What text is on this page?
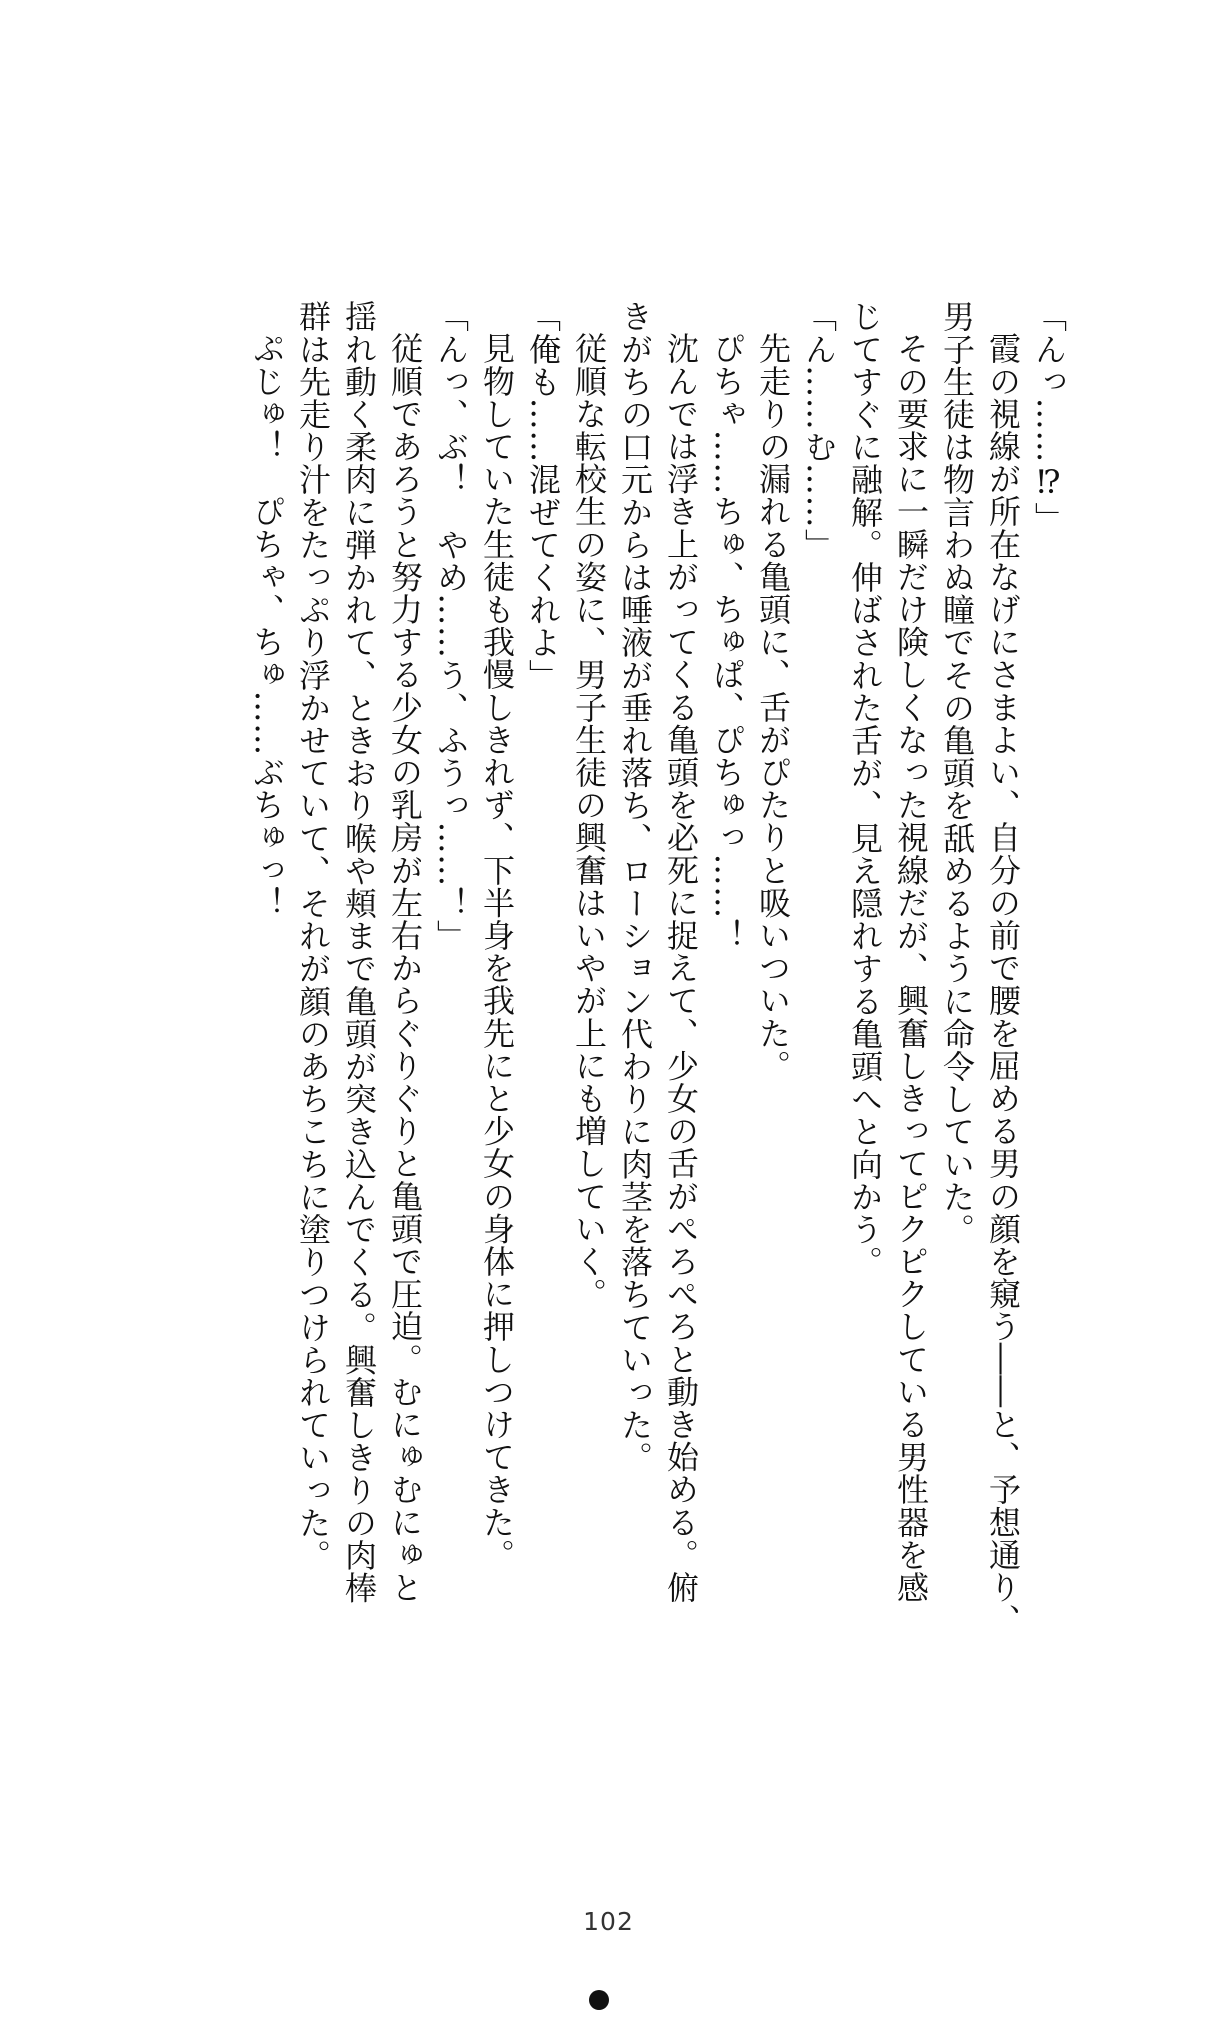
「んっ……⁉」
霞の視線が所在なげにさまよい、自分の前で腰を屈める男の顔を窺う――と、予想通り、
男子生徒は物言わぬ瞳でその亀頭を舐めるように命令していた。
その要求に一瞬だけ険しくなった視線だが、興奮しきってピクピクしている男性器を感
じてすぐに融解。伸ばされた舌が、見え隠れする亀頭へと向かう。
「ん……む……」
先走りの漏れる亀頭に、舌がぴたりと吸いついた。
ぴちゃ……ちゅ、ちゅぱ、ぴちゅっ……！
沈んでは浮き上がってくる亀頭を必死に捉えて、少女の舌がぺろぺろと動き始める。俯
きがちの口元からは唾液が垂れ落ち、ローション代わりに肉茎を落ちていった。
従順な転校生の姿に、男子生徒の興奮はいやが上にも増していく。
「俺も……混ぜてくれよ」
見物していた生徒も我慢しきれず、下半身を我先にと少女の身体に押しつけてきた。
「んっ、ぶ！　やめ……う、ふうっ……！」
従順であろうと努力する少女の乳房が左右からぐりぐりと亀頭で圧迫。むにゅむにゅと
揺れ動く柔肉に弾かれて、ときおり喉や頬まで亀頭が突き込んでくる。興奮しきりの肉棒
群は先走り汁をたっぷり浮かせていて、それが顔のあちこちに塗りつけられていった。
ぷじゅ！　ぴちゃ、ちゅ……ぶちゅっ！
102
